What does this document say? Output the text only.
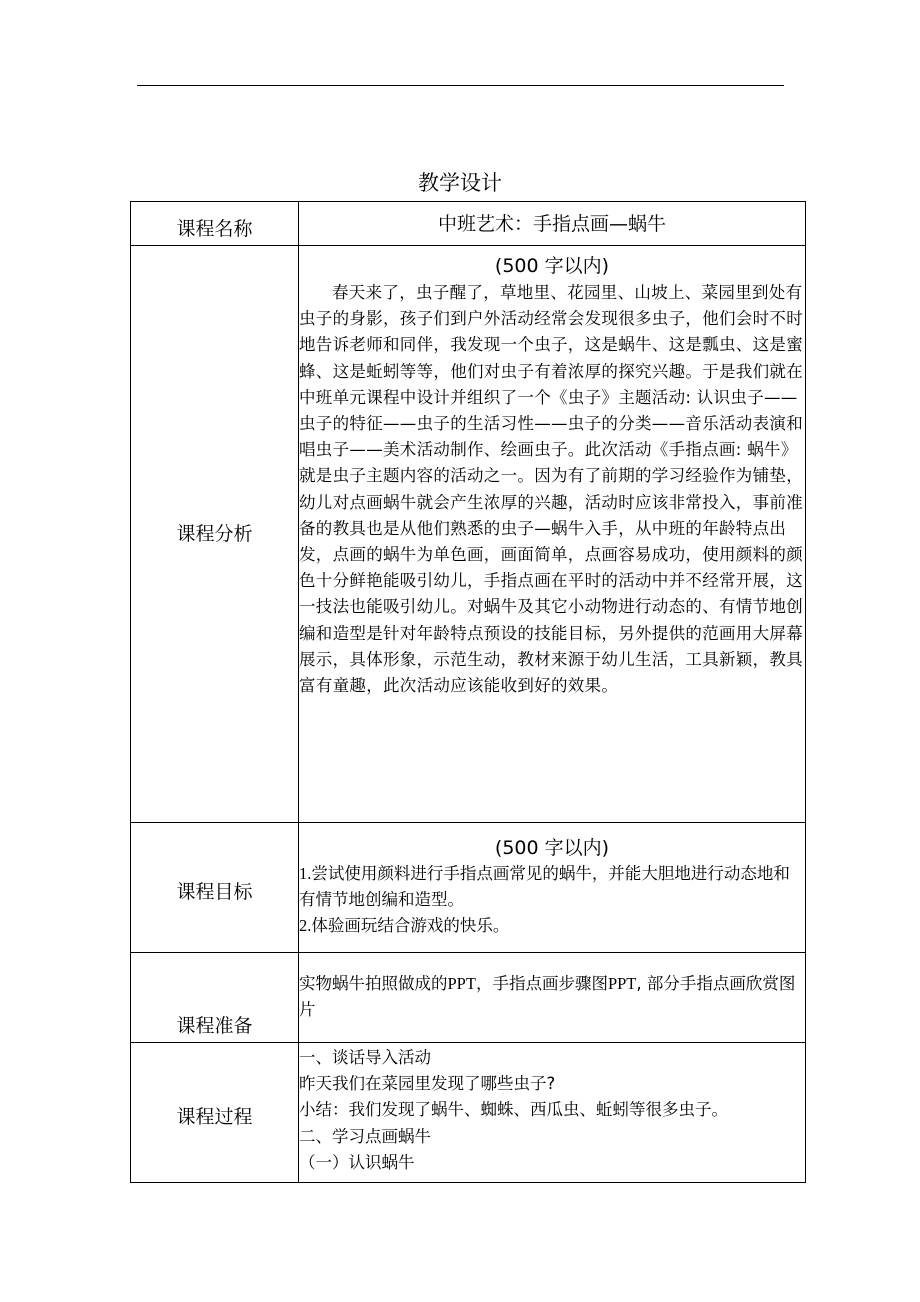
教学设计
课程名称	中班艺术：手指点画—蜗牛

课程分析	(500 字以内)

春天来了，虫子醒了，草地里、花园里、山坡上、菜园里到处有虫子的身影，孩子们到户外活动经常会发现很多虫子，他们会时不时地告诉老师和同伴，我发现一个虫子，这是蜗牛、这是瓢虫、这是蜜蜂、这是蚯蚓等等，他们对虫子有着浓厚的探究兴趣。于是我们就在中班单元课程中设计并组织了一个《虫子》主题活动: 认识虫子——虫子的特征——虫子的生活习性——虫子的分类——音乐活动表演和唱虫子——美术活动制作、绘画虫子。此次活动《手指点画: 蜗牛》就是虫子主题内容的活动之一。因为有了前期的学习经验作为铺垫，幼儿对点画蜗牛就会产生浓厚的兴趣，活动时应该非常投入，事前准备的教具也是从他们熟悉的虫子—蜗牛入手，从中班的年龄特点出发，点画的蜗牛为单色画，画面简单，点画容易成功，使用颜料的颜色十分鲜艳能吸引幼儿，手指点画在平时的活动中并不经常开展，这一技法也能吸引幼儿。对蜗牛及其它小动物进行动态的、有情节地创编和造型是针对年龄特点预设的技能目标，另外提供的范画用大屏幕展示，具体形象，示范生动，教材来源于幼儿生活，工具新颖，教具富有童趣，此次活动应该能收到好的效果。

课程目标	(500 字以内)

1.尝试使用颜料进行手指点画常见的蜗牛，并能大胆地进行动态地和有情节地创编和造型。

2.体验画玩结合游戏的快乐。

课程准备	实物蜗牛拍照做成的PPT，手指点画步骤图PPT, 部分手指点画欣赏图片

课程过程	一、谈话导入活动

昨天我们在菜园里发现了哪些虫子?

小结：我们发现了蜗牛、蜘蛛、西瓜虫、蚯蚓等很多虫子。

二、学习点画蜗牛

（一）认识蜗牛
